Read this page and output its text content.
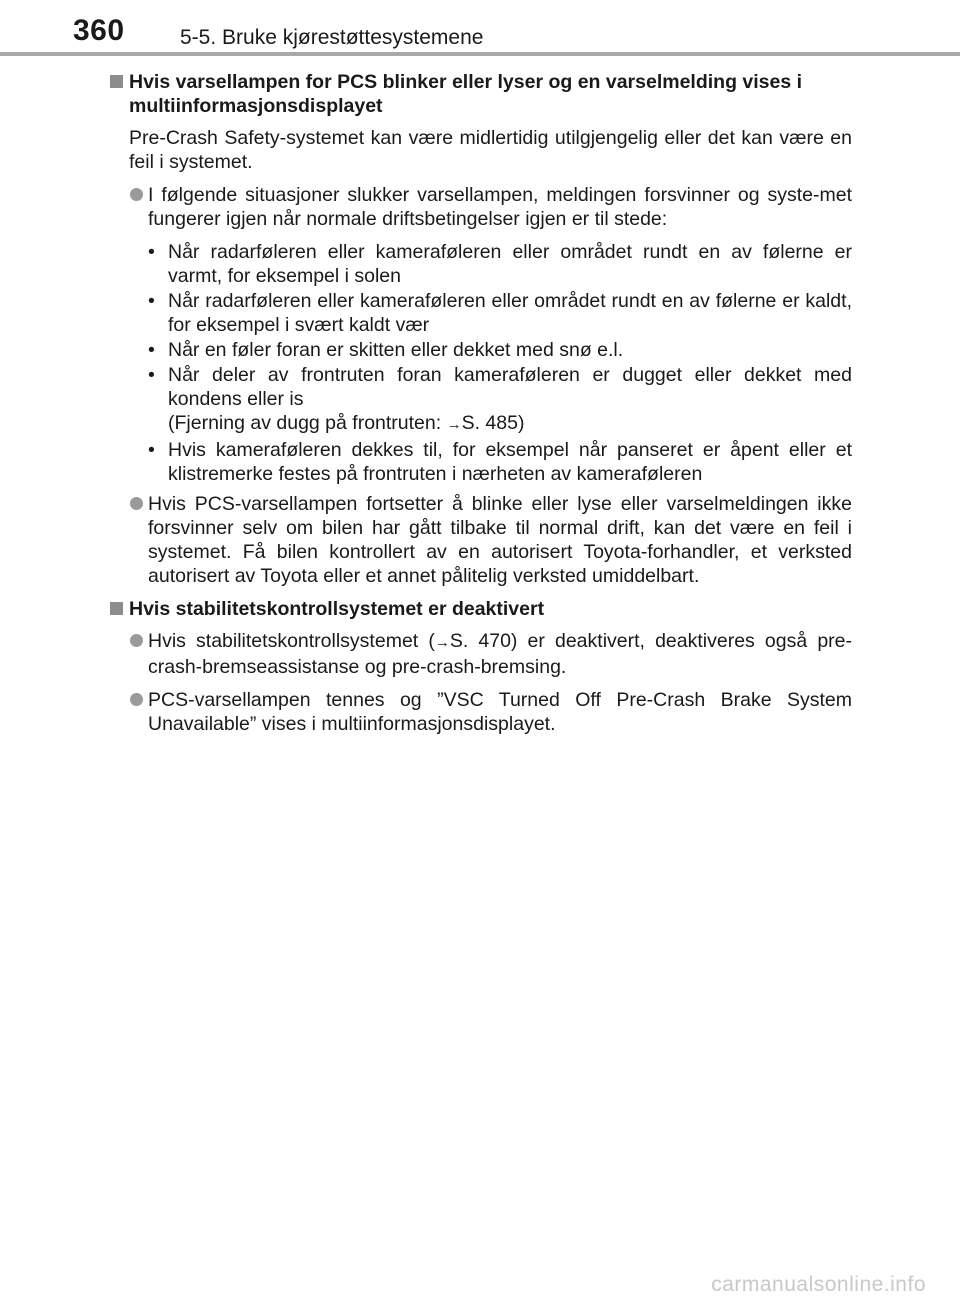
360	5-5. Bruke kjørestøttesystemene
Hvis varsellampen for PCS blinker eller lyser og en varselmelding vises i multiinformasjonsdisplayet
Pre-Crash Safety-systemet kan være midlertidig utilgjengelig eller det kan være en feil i systemet.
I følgende situasjoner slukker varsellampen, meldingen forsvinner og syste-met fungerer igjen når normale driftsbetingelser igjen er til stede:
• Når radarføleren eller kameraføleren eller området rundt en av følerne er varmt, for eksempel i solen
• Når radarføleren eller kameraføleren eller området rundt en av følerne er kaldt, for eksempel i svært kaldt vær
• Når en føler foran er skitten eller dekket med snø e.l.
• Når deler av frontruten foran kameraføleren er dugget eller dekket med kondens eller is
(Fjerning av dugg på frontruten: →S. 485)
• Hvis kameraføleren dekkes til, for eksempel når panseret er åpent eller et klistremerke festes på frontruten i nærheten av kameraføleren
Hvis PCS-varsellampen fortsetter å blinke eller lyse eller varselmeldingen ikke forsvinner selv om bilen har gått tilbake til normal drift, kan det være en feil i systemet. Få bilen kontrollert av en autorisert Toyota-forhandler, et verksted autorisert av Toyota eller et annet pålitelig verksted umiddelbart.
Hvis stabilitetskontrollsystemet er deaktivert
Hvis stabilitetskontrollsystemet (→S. 470) er deaktivert, deaktiveres også pre-crash-bremseassistanse og pre-crash-bremsing.
PCS-varsellampen tennes og ”VSC Turned Off Pre-Crash Brake System Unavailable” vises i multiinformasjonsdisplayet.
carmanualsonline.info
